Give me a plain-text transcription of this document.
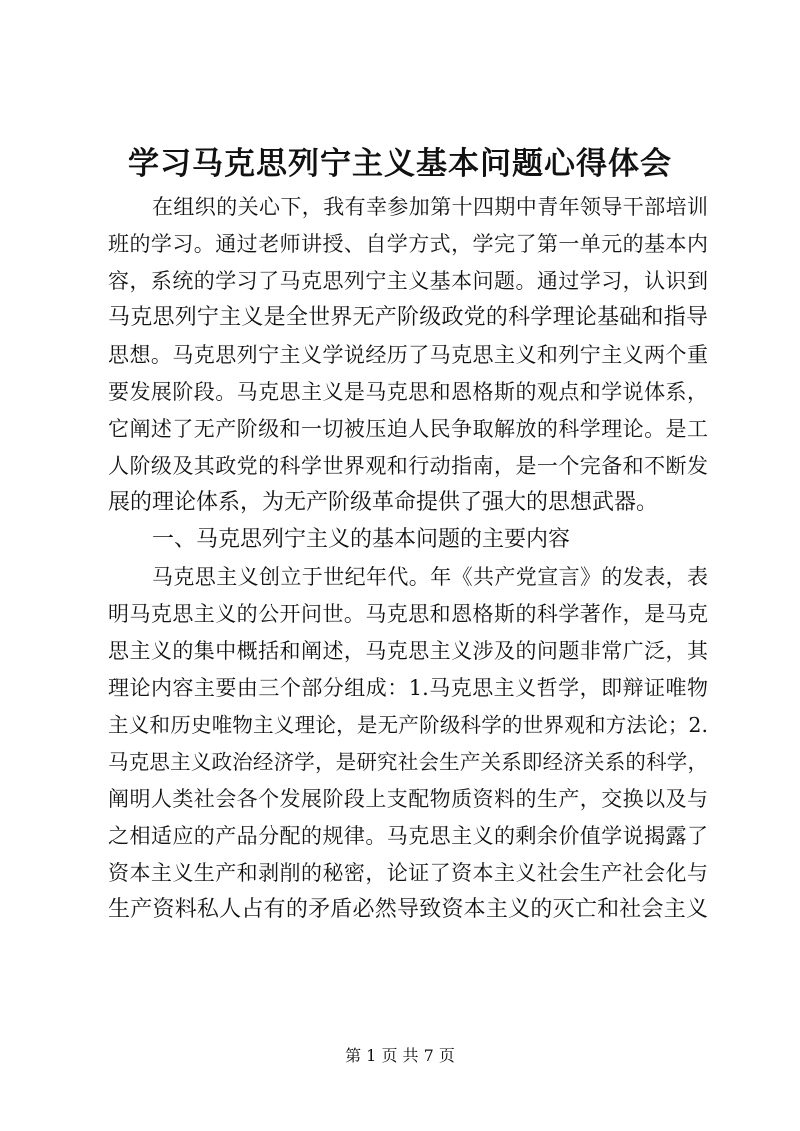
学习马克思列宁主义基本问题心得体会
在组织的关心下，我有幸参加第十四期中青年领导干部培训
班的学习。通过老师讲授、自学方式，学完了第一单元的基本内
容，系统的学习了马克思列宁主义基本问题。通过学习，认识到
马克思列宁主义是全世界无产阶级政党的科学理论基础和指导
思想。马克思列宁主义学说经历了马克思主义和列宁主义两个重
要发展阶段。马克思主义是马克思和恩格斯的观点和学说体系，
它阐述了无产阶级和一切被压迫人民争取解放的科学理论。是工
人阶级及其政党的科学世界观和行动指南，是一个完备和不断发
展的理论体系，为无产阶级革命提供了强大的思想武器。
一、马克思列宁主义的基本问题的主要内容
马克思主义创立于世纪年代。年《共产党宣言》的发表，表
明马克思主义的公开问世。马克思和恩格斯的科学著作，是马克
思主义的集中概括和阐述，马克思主义涉及的问题非常广泛，其
理论内容主要由三个部分组成：1.马克思主义哲学，即辩证唯物
主义和历史唯物主义理论，是无产阶级科学的世界观和方法论；2.
马克思主义政治经济学，是研究社会生产关系即经济关系的科学，
阐明人类社会各个发展阶段上支配物质资料的生产，交换以及与
之相适应的产品分配的规律。马克思主义的剩余价值学说揭露了
资本主义生产和剥削的秘密，论证了资本主义社会生产社会化与
生产资料私人占有的矛盾必然导致资本主义的灭亡和社会主义
第 1 页 共 7 页
